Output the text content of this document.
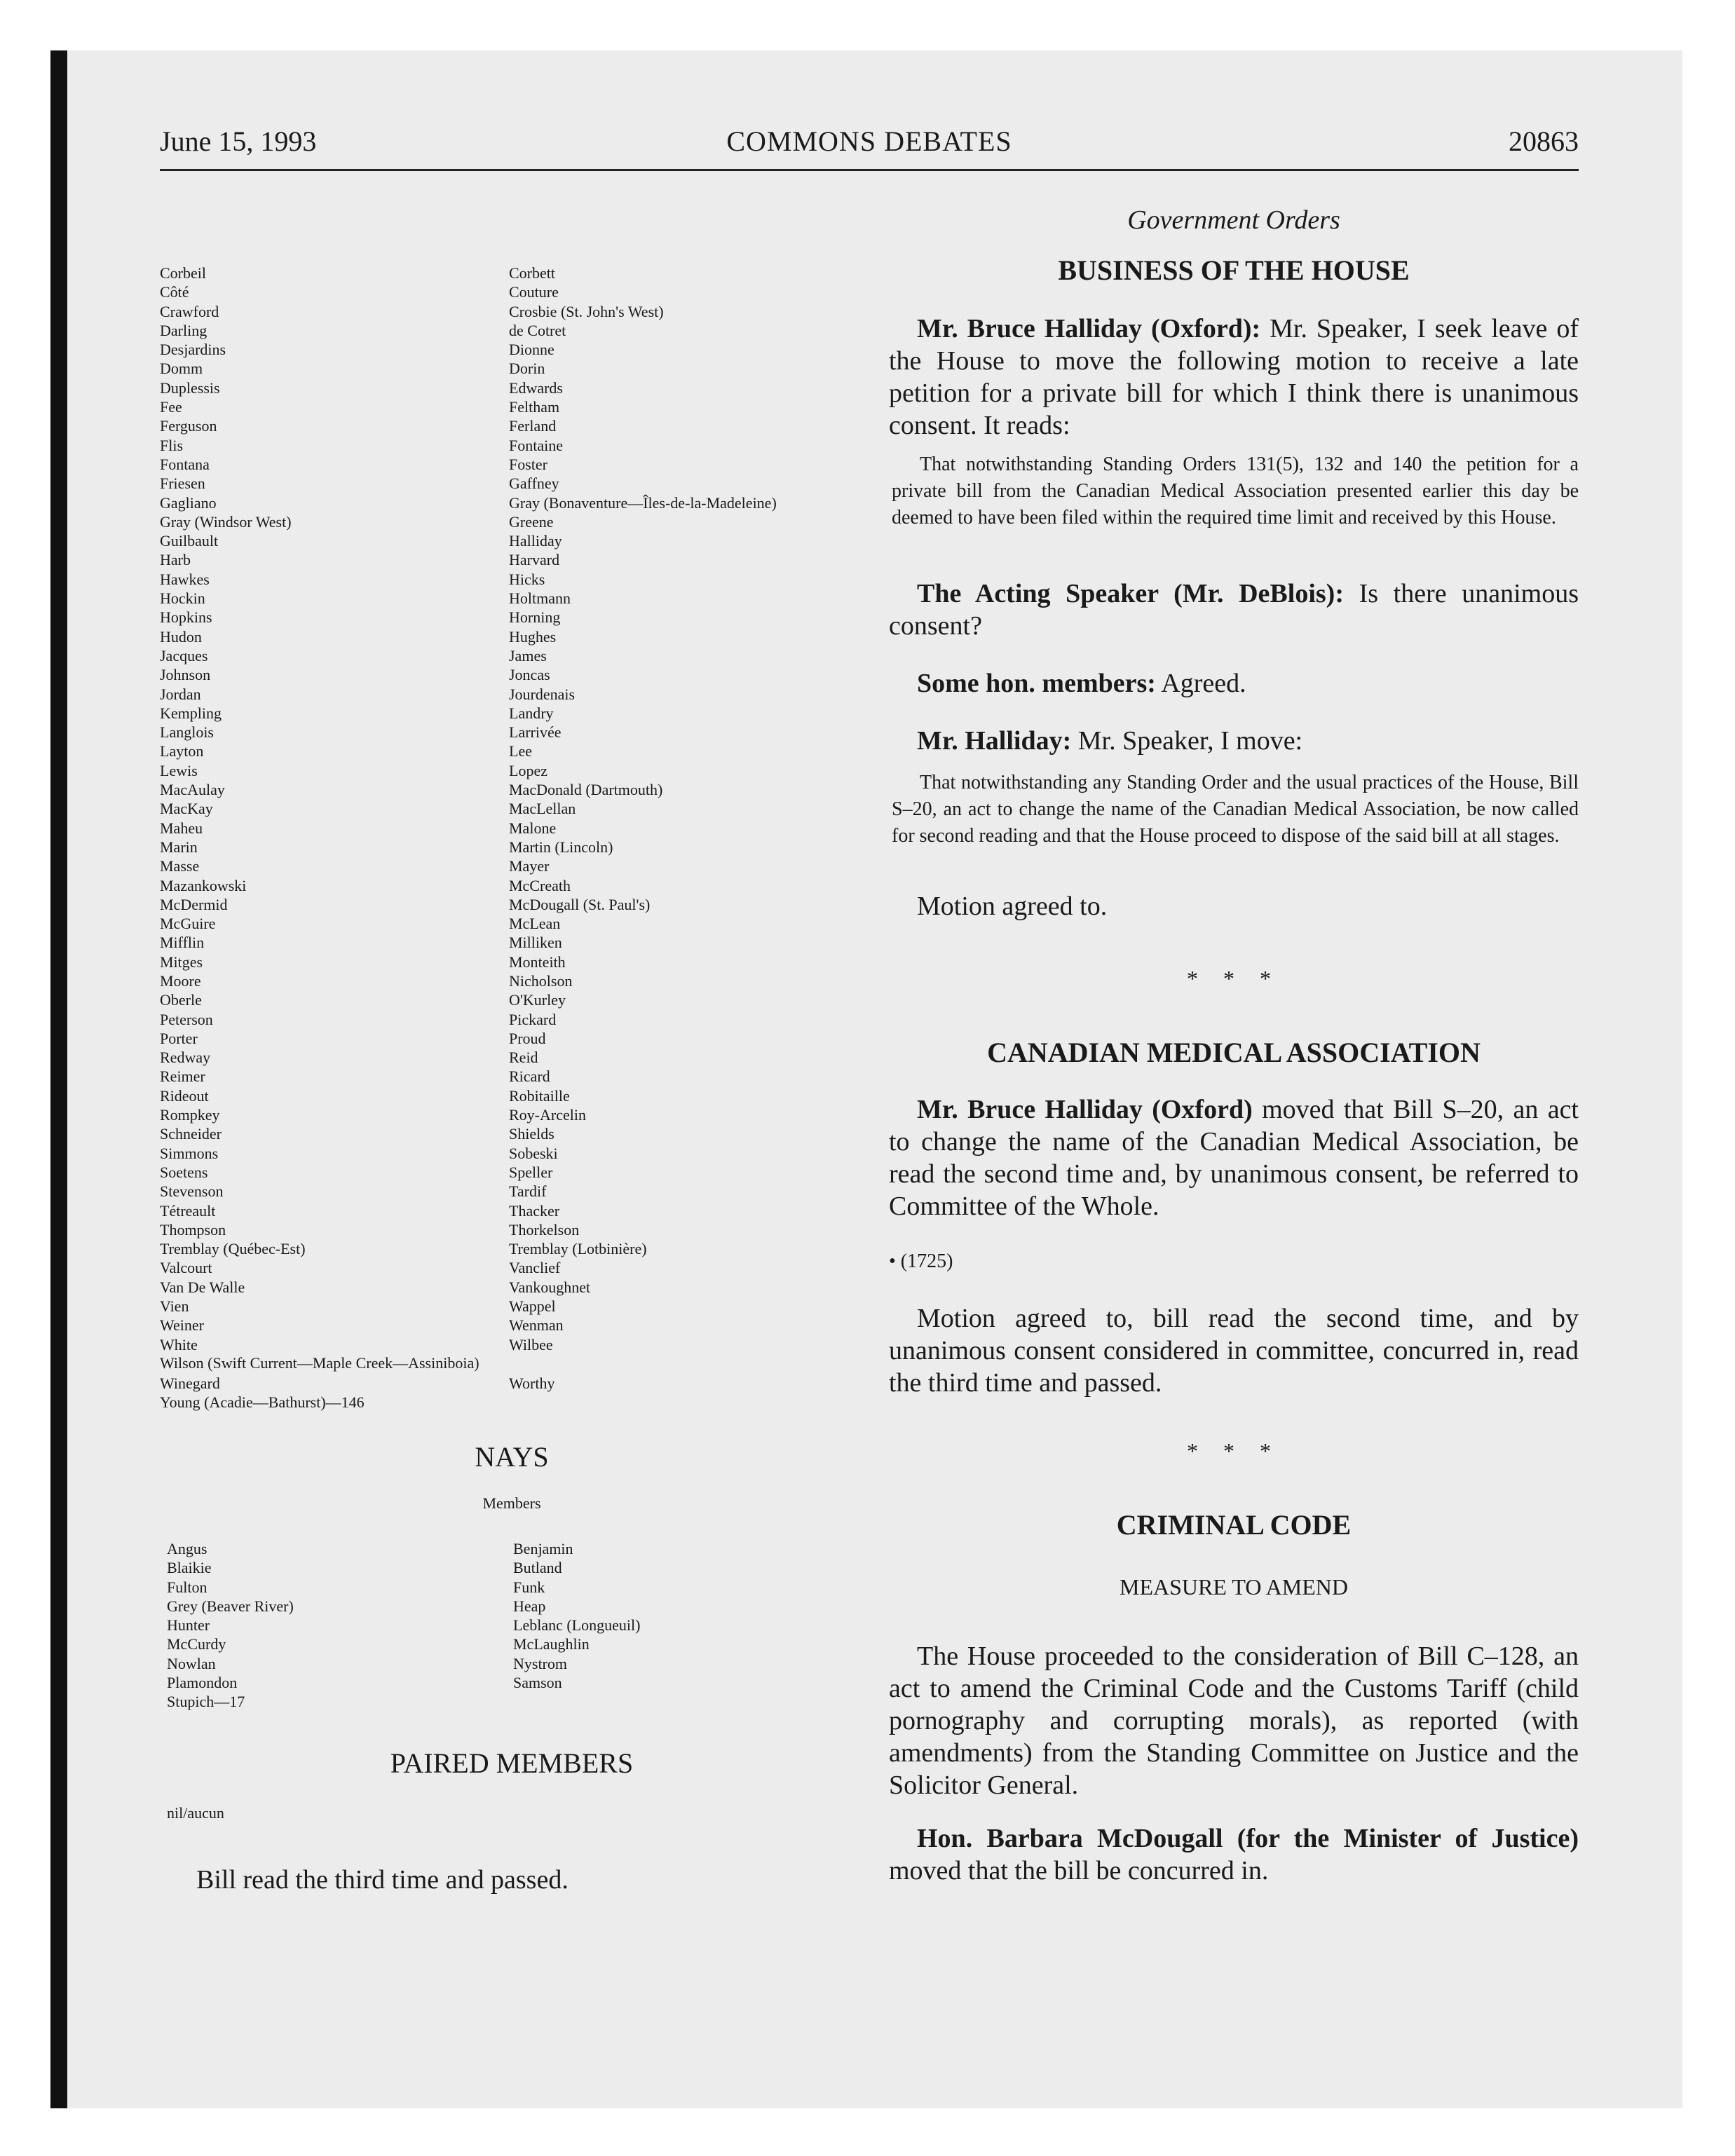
June 15, 1993	COMMONS DEBATES	20863
Corbeil
Côté
Crawford
Darling
Desjardins
Domm
Duplessis
Fee
Ferguson
Flis
Fontana
Friesen
Gagliano
Gray (Windsor West)
Guilbault
Harb
Hawkes
Hockin
Hopkins
Hudon
Jacques
Johnson
Jordan
Kempling
Langlois
Layton
Lewis
MacAulay
MacKay
Maheu
Marin
Masse
Mazankowski
McDermid
McGuire
Mifflin
Mitges
Moore
Oberle
Peterson
Porter
Redway
Reimer
Rideout
Rompkey
Schneider
Simmons
Soetens
Stevenson
Tétreault
Thompson
Tremblay (Québec-Est)
Valcourt
Van De Walle
Vien
Weiner
White
Corbett
Couture
Crosbie (St. John's West)
de Cotret
Dionne
Dorin
Edwards
Feltham
Ferland
Fontaine
Foster
Gaffney
Gray (Bonaventure—Îles-de-la-Madeleine)
Greene
Halliday
Harvard
Hicks
Holtmann
Horning
Hughes
James
Joncas
Jourdenais
Landry
Larrivée
Lee
Lopez
MacDonald (Dartmouth)
MacLellan
Malone
Martin (Lincoln)
Mayer
McCreath
McDougall (St. Paul's)
McLean
Milliken
Monteith
Nicholson
O'Kurley
Pickard
Proud
Reid
Ricard
Robitaille
Roy-Arcelin
Shields
Sobeski
Speller
Tardif
Thacker
Thorkelson
Tremblay (Lotbinière)
Vanclief
Vankoughnet
Wappel
Wenman
Wilbee
Wilson (Swift Current—Maple Creek—Assiniboia)
Winegard
Young (Acadie—Bathurst)—146
Worthy
NAYS
Members
Angus
Blaikie
Fulton
Grey (Beaver River)
Hunter
McCurdy
Nowlan
Plamondon
Stupich—17
Benjamin
Butland
Funk
Heap
Leblanc (Longueuil)
McLaughlin
Nystrom
Samson
PAIRED MEMBERS
nil/aucun
Bill read the third time and passed.

Government Orders

BUSINESS OF THE HOUSE

Mr. Bruce Halliday (Oxford): Mr. Speaker, I seek leave of the House to move the following motion to receive a late petition for a private bill for which I think there is unanimous consent. It reads:

That notwithstanding Standing Orders 131(5), 132 and 140 the petition for a private bill from the Canadian Medical Association presented earlier this day be deemed to have been filed within the required time limit and received by this House.

The Acting Speaker (Mr. DeBlois): Is there unanimous consent?

Some hon. members: Agreed.

Mr. Halliday: Mr. Speaker, I move:

That notwithstanding any Standing Order and the usual practices of the House, Bill S–20, an act to change the name of the Canadian Medical Association, be now called for second reading and that the House proceed to dispose of the said bill at all stages.

Motion agreed to.

* * *

CANADIAN MEDICAL ASSOCIATION

Mr. Bruce Halliday (Oxford) moved that Bill S–20, an act to change the name of the Canadian Medical Association, be read the second time and, by unanimous consent, be referred to Committee of the Whole.

• (1725)

Motion agreed to, bill read the second time, and by unanimous consent considered in committee, concurred in, read the third time and passed.

* * *

CRIMINAL CODE

MEASURE TO AMEND

The House proceeded to the consideration of Bill C–128, an act to amend the Criminal Code and the Customs Tariff (child pornography and corrupting morals), as reported (with amendments) from the Standing Committee on Justice and the Solicitor General.

Hon. Barbara McDougall (for the Minister of Justice) moved that the bill be concurred in.
